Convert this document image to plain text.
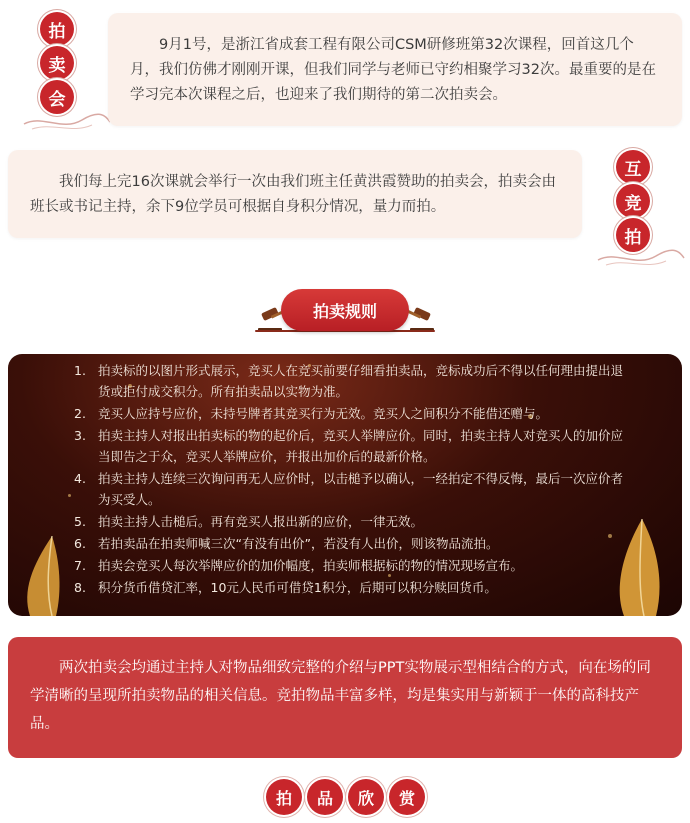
拍
卖
会

9月1号，是浙江省成套工程有限公司CSM研修班第32次课程，回首这几个月，我们仿佛才刚刚开课，但我们同学与老师已守约相聚学习32次。最重要的是在学习完本次课程之后，也迎来了我们期待的第二次拍卖会。

我们每上完16次课就会举行一次由我们班主任黄洪霞赞助的拍卖会，拍卖会由班长或书记主持，余下9位学员可根据自身积分情况，量力而拍。

互
竞
拍
拍卖规则
1. 拍卖标的以图片形式展示，竞买人在竞买前要仔细看拍卖品，竞标成功后不得以任何理由提出退货或拒付成交积分。所有拍卖品以实物为准。
2. 竞买人应持号应价，未持号牌者其竞买行为无效。竞买人之间积分不能借还赠与。
3. 拍卖主持人对报出拍卖标的物的起价后，竞买人举牌应价。同时，拍卖主持人对竞买人的加价应当即告之于众，竞买人举牌应价，并报出加价后的最新价格。
4. 拍卖主持人连续三次询问再无人应价时，以击槌予以确认，一经拍定不得反悔，最后一次应价者为买受人。
5. 拍卖主持人击槌后。再有竞买人报出新的应价，一律无效。
6. 若拍卖品在拍卖师喊三次“有没有出价”，若没有人出价，则该物品流拍。
7. 拍卖会竞买人每次举牌应价的加价幅度，拍卖师根据标的物的情况现场宣布。
8. 积分货币借贷汇率，10元人民币可借贷1积分，后期可以积分赎回货币。

两次拍卖会均通过主持人对物品细致完整的介绍与PPT实物展示型相结合的方式，向在场的同学清晰的呈现所拍卖物品的相关信息。竞拍物品丰富多样，均是集实用与新颖于一体的高科技产品。

拍	品	欣	赏
